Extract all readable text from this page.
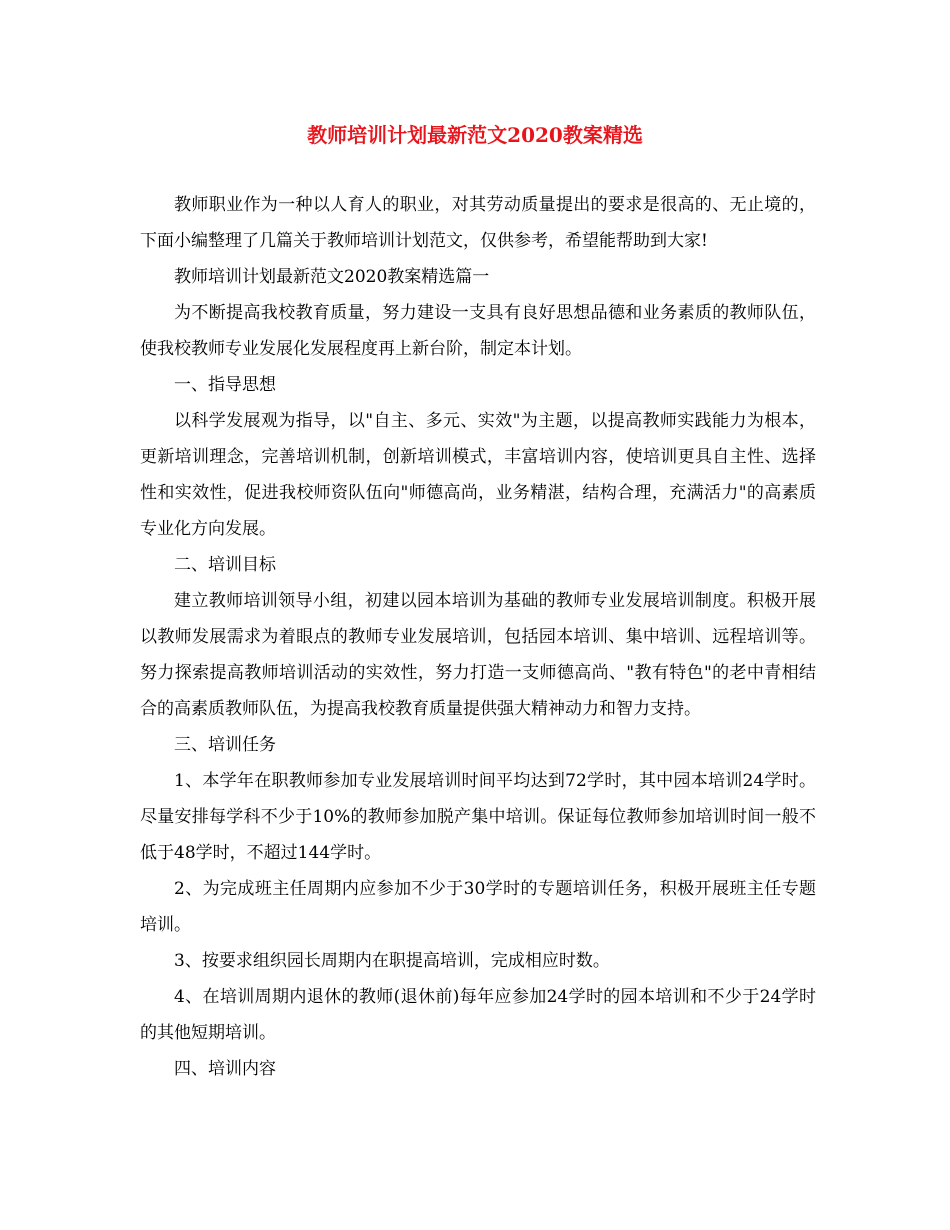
教师培训计划最新范文2020教案精选

教师职业作为一种以人育人的职业，对其劳动质量提出的要求是很高的、无止境的，下面小编整理了几篇关于教师培训计划范文，仅供参考，希望能帮助到大家!

教师培训计划最新范文2020教案精选篇一

为不断提高我校教育质量，努力建设一支具有良好思想品德和业务素质的教师队伍，使我校教师专业发展化发展程度再上新台阶，制定本计划。

一、指导思想

以科学发展观为指导，以"自主、多元、实效"为主题，以提高教师实践能力为根本，更新培训理念，完善培训机制，创新培训模式，丰富培训内容，使培训更具自主性、选择性和实效性，促进我校师资队伍向"师德高尚，业务精湛，结构合理，充满活力"的高素质专业化方向发展。

二、培训目标

建立教师培训领导小组，初建以园本培训为基础的教师专业发展培训制度。积极开展以教师发展需求为着眼点的教师专业发展培训，包括园本培训、集中培训、远程培训等。努力探索提高教师培训活动的实效性，努力打造一支师德高尚、"教有特色"的老中青相结合的高素质教师队伍，为提高我校教育质量提供强大精神动力和智力支持。

三、培训任务

1、本学年在职教师参加专业发展培训时间平均达到72学时，其中园本培训24学时。尽量安排每学科不少于10%的教师参加脱产集中培训。保证每位教师参加培训时间一般不低于48学时，不超过144学时。

2、为完成班主任周期内应参加不少于30学时的专题培训任务，积极开展班主任专题培训。

3、按要求组织园长周期内在职提高培训，完成相应时数。

4、在培训周期内退休的教师(退休前)每年应参加24学时的园本培训和不少于24学时的其他短期培训。

四、培训内容
